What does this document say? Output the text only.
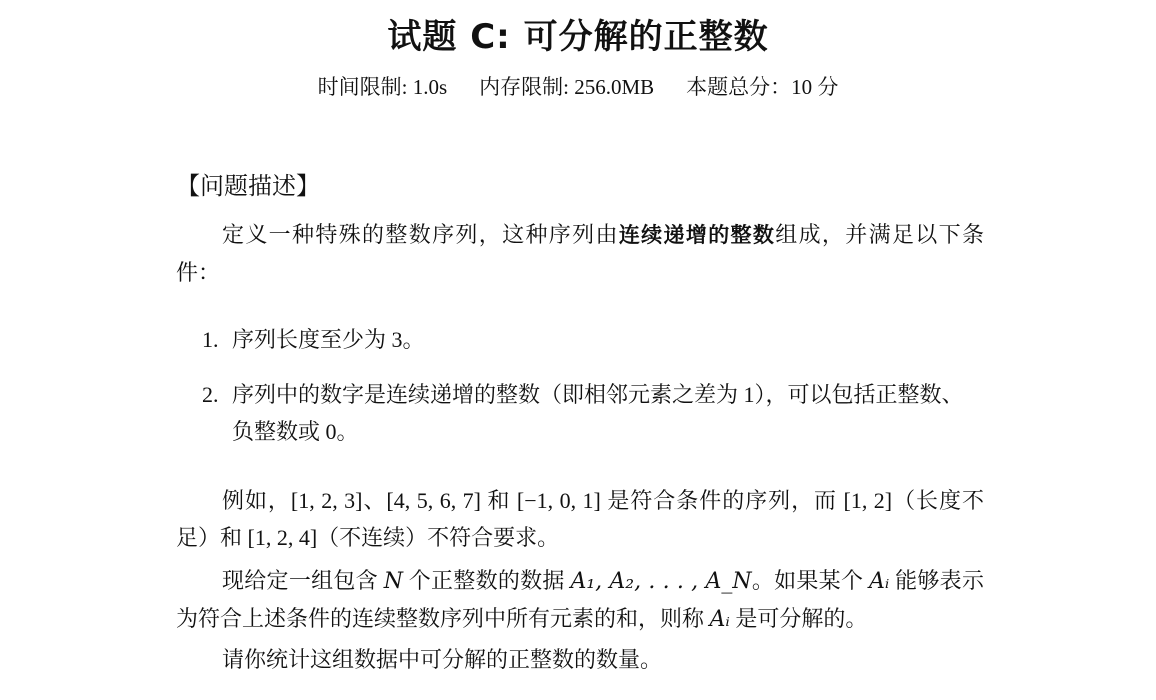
试题 C: 可分解的正整数
时间限制: 1.0s 内存限制: 256.0MB 本题总分：10 分
【问题描述】
定义一种特殊的整数序列，这种序列由连续递增的整数组成，并满足以下条件：
1. 序列长度至少为 3。
2. 序列中的数字是连续递增的整数（即相邻元素之差为 1），可以包括正整数、负整数或 0。
例如，[1, 2, 3]、[4, 5, 6, 7] 和 [−1, 0, 1] 是符合条件的序列，而 [1, 2]（长度不足）和 [1, 2, 4]（不连续）不符合要求。
现给定一组包含 N 个正整数的数据 A₁, A₂, . . . , A_N。如果某个 Aᵢ 能够表示为符合上述条件的连续整数序列中所有元素的和，则称 Aᵢ 是可分解的。
请你统计这组数据中可分解的正整数的数量。
